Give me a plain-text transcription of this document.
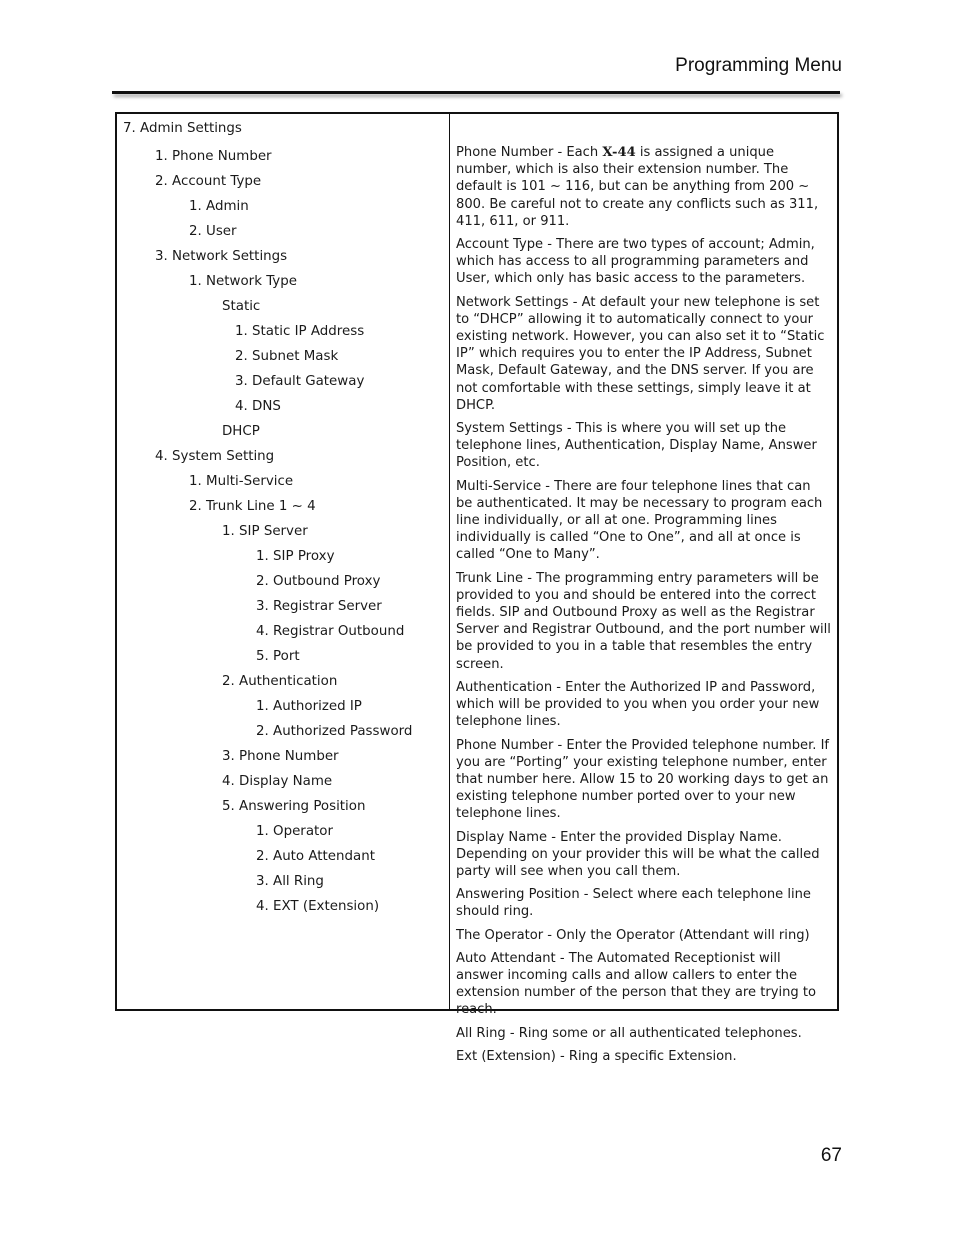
Programming Menu
7. Admin Settings
1. Phone Number
2. Account Type
1. Admin
2. User
3. Network Settings
1. Network Type
Static
1. Static IP Address
2. Subnet Mask
3. Default Gateway
4. DNS
DHCP
4. System Setting
1. Multi-Service
2. Trunk Line 1 ~ 4
1. SIP Server
1. SIP Proxy
2. Outbound Proxy
3. Registrar Server
4. Registrar Outbound
5. Port
2. Authentication
1. Authorized IP
2. Authorized Password
3. Phone Number
4. Display Name
5. Answering Position
1. Operator
2. Auto Attendant
3. All Ring
4. EXT (Extension)

Phone Number - Each X-44 is assigned a unique number, which is also their extension number. The default is 101 ~ 116, but can be anything from 200 ~ 800. Be careful not to create any conflicts such as 311, 411, 611, or 911.

Account Type - There are two types of account; Admin, which has access to all programming parameters and User, which only has basic access to the parameters.

Network Settings - At default your new telephone is set to “DHCP” allowing it to automatically connect to your existing network. However, you can also set it to “Static IP” which requires you to enter the IP Address, Subnet Mask, Default Gateway, and the DNS server. If you are not comfortable with these settings, simply leave it at DHCP.

System Settings - This is where you will set up the telephone lines, Authentication, Display Name, Answer Position, etc.

Multi-Service - There are four telephone lines that can be authenticated. It may be necessary to program each line individually, or all at one. Programming lines individually is called “One to One”, and all at once is called “One to Many”.

Trunk Line - The programming entry parameters will be provided to you and should be entered into the correct fields. SIP and Outbound Proxy as well as the Registrar Server and Registrar Outbound, and the port number will be provided to you in a table that resembles the entry screen.

Authentication - Enter the Authorized IP and Password, which will be provided to you when you order your new telephone lines.

Phone Number - Enter the Provided telephone number. If you are “Porting” your existing telephone number, enter that number here. Allow 15 to 20 working days to get an existing telephone number ported over to your new telephone lines.

Display Name - Enter the provided Display Name. Depending on your provider this will be what the called party will see when you call them.

Answering Position - Select where each telephone line should ring.

The Operator - Only the Operator (Attendant will ring)

Auto Attendant - The Automated Receptionist will answer incoming calls and allow callers to enter the extension number of the person that they are trying to reach.

All Ring - Ring some or all authenticated telephones.

Ext (Extension) - Ring a specific Extension.

67
